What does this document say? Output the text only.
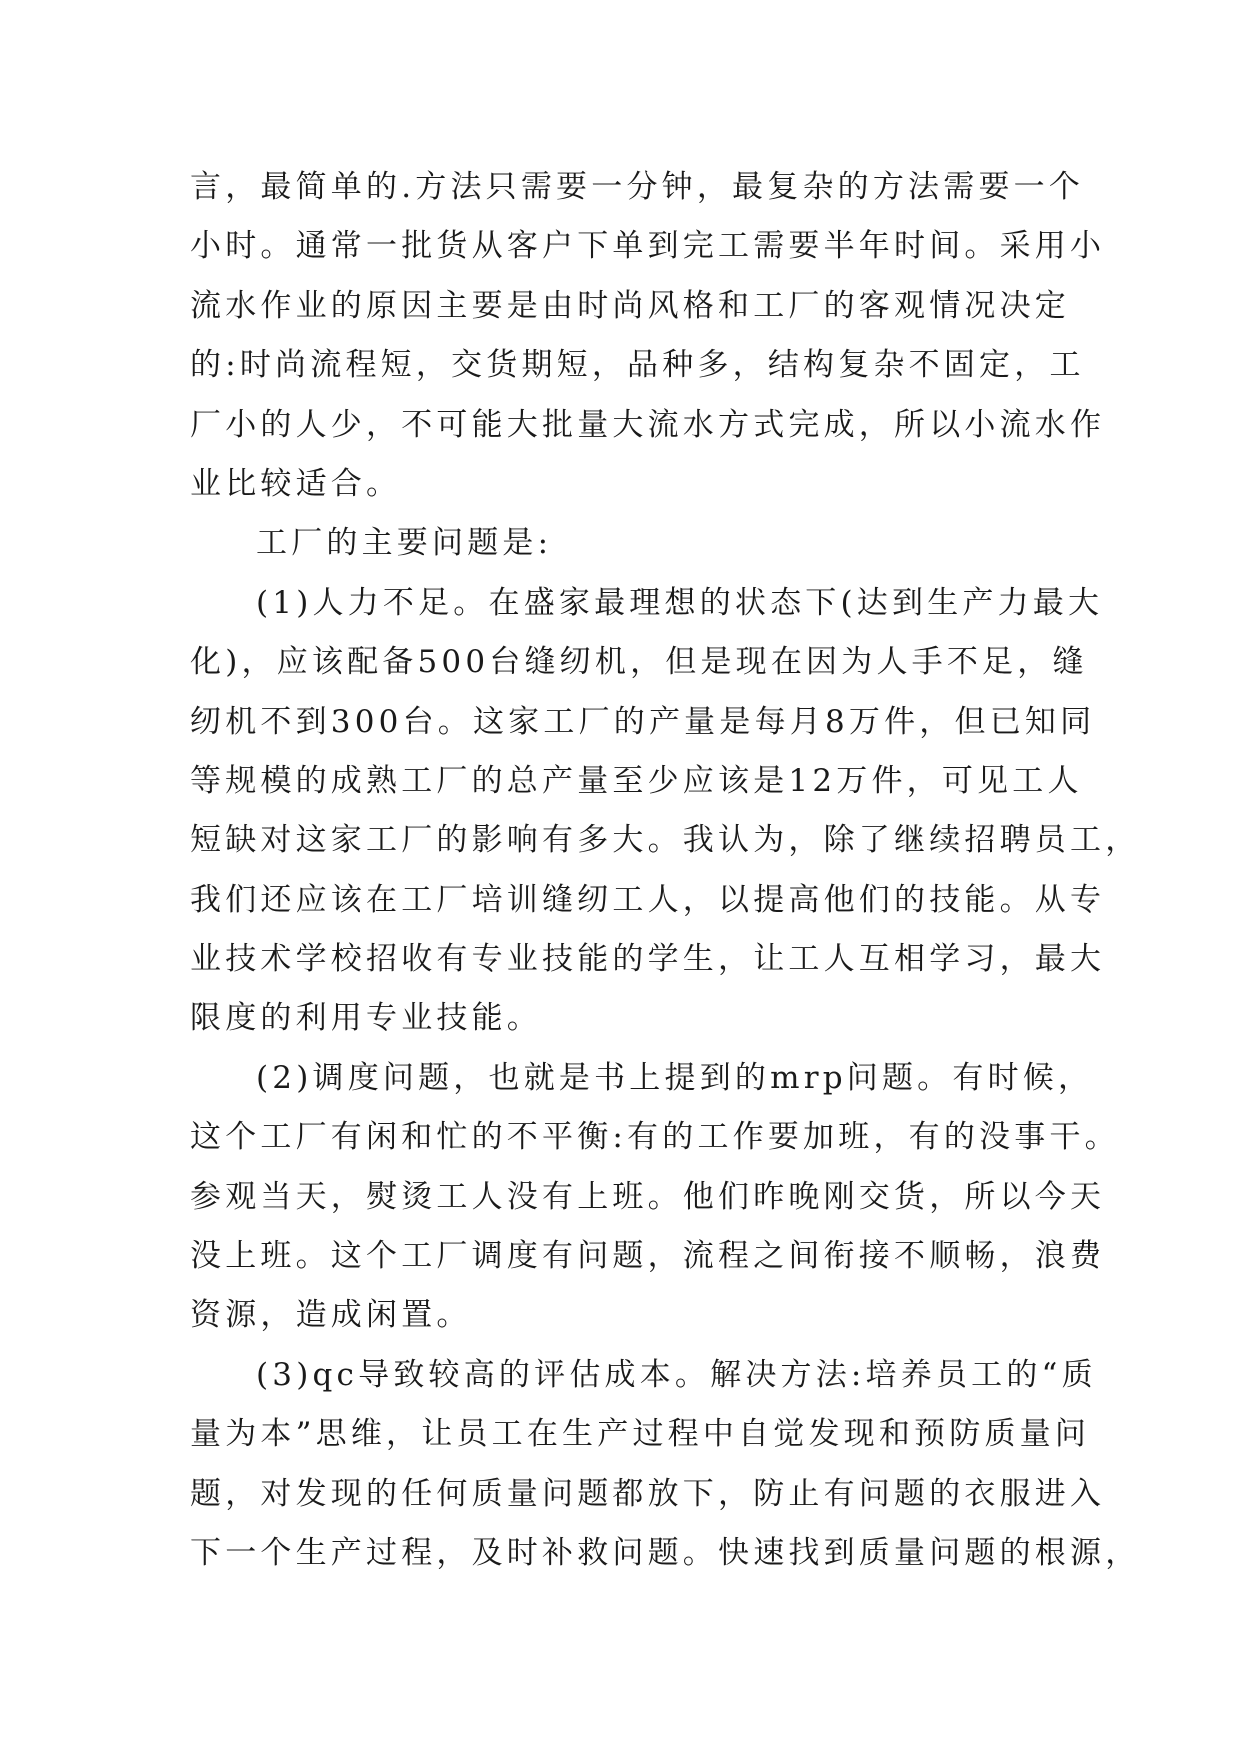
言，最简单的.方法只需要一分钟，最复杂的方法需要一个
小时。通常一批货从客户下单到完工需要半年时间。采用小
流水作业的原因主要是由时尚风格和工厂的客观情况决定
的:时尚流程短，交货期短，品种多，结构复杂不固定，工
厂小的人少，不可能大批量大流水方式完成，所以小流水作
业比较适合。
工厂的主要问题是:
(1)人力不足。在盛家最理想的状态下(达到生产力最大
化)，应该配备500台缝纫机，但是现在因为人手不足，缝
纫机不到300台。这家工厂的产量是每月8万件，但已知同
等规模的成熟工厂的总产量至少应该是12万件，可见工人
短缺对这家工厂的影响有多大。我认为，除了继续招聘员工，
我们还应该在工厂培训缝纫工人，以提高他们的技能。从专
业技术学校招收有专业技能的学生，让工人互相学习，最大
限度的利用专业技能。
(2)调度问题，也就是书上提到的mrp问题。有时候，
这个工厂有闲和忙的不平衡:有的工作要加班，有的没事干。
参观当天，熨烫工人没有上班。他们昨晚刚交货，所以今天
没上班。这个工厂调度有问题，流程之间衔接不顺畅，浪费
资源，造成闲置。
(3)qc导致较高的评估成本。解决方法:培养员工的“质
量为本”思维，让员工在生产过程中自觉发现和预防质量问
题，对发现的任何质量问题都放下，防止有问题的衣服进入
下一个生产过程，及时补救问题。快速找到质量问题的根源，
